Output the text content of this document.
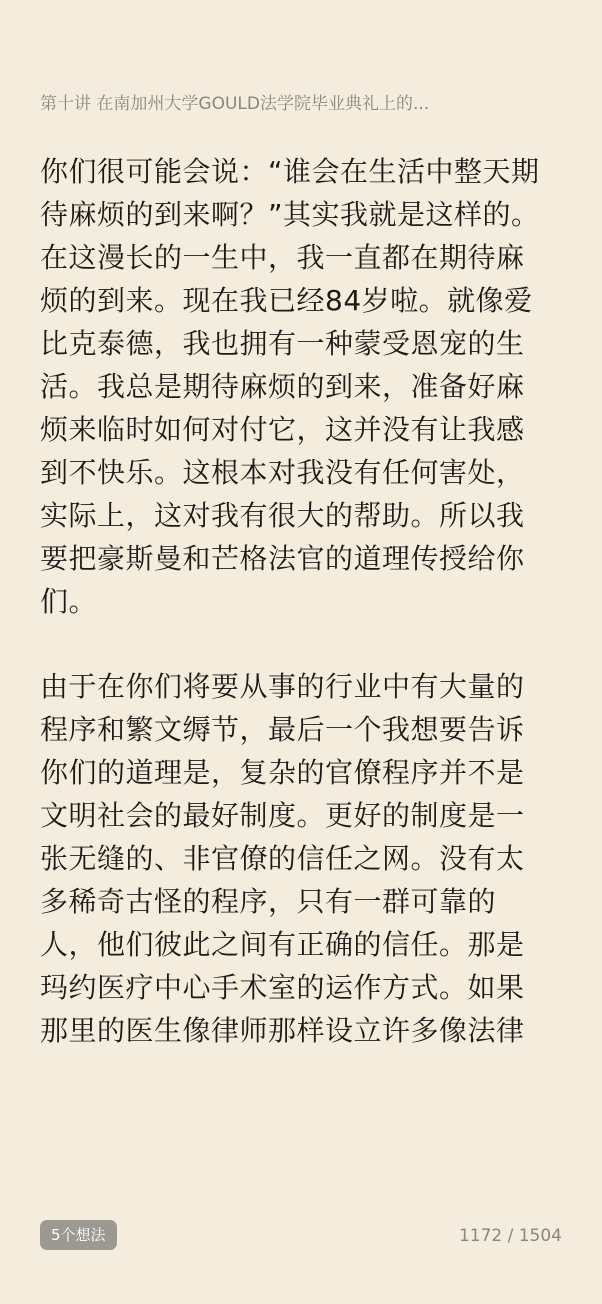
第十讲 在南加州大学GOULD法学院毕业典礼上的...

你们很可能会说：“谁会在生活中整天期
待麻烦的到来啊？”其实我就是这样的。
在这漫长的一生中，我一直都在期待麻
烦的到来。现在我已经84岁啦。就像爱
比克泰德，我也拥有一种蒙受恩宠的生
活。我总是期待麻烦的到来，准备好麻
烦来临时如何对付它，这并没有让我感
到不快乐。这根本对我没有任何害处，
实际上，这对我有很大的帮助。所以我
要把豪斯曼和芒格法官的道理传授给你
们。

由于在你们将要从事的行业中有大量的
程序和繁文缛节，最后一个我想要告诉
你们的道理是，复杂的官僚程序并不是
文明社会的最好制度。更好的制度是一
张无缝的、非官僚的信任之网。没有太
多稀奇古怪的程序，只有一群可靠的
人，他们彼此之间有正确的信任。那是
玛约医疗中心手术室的运作方式。如果
那里的医生像律师那样设立许多像法律

5个想法	1172 / 1504
